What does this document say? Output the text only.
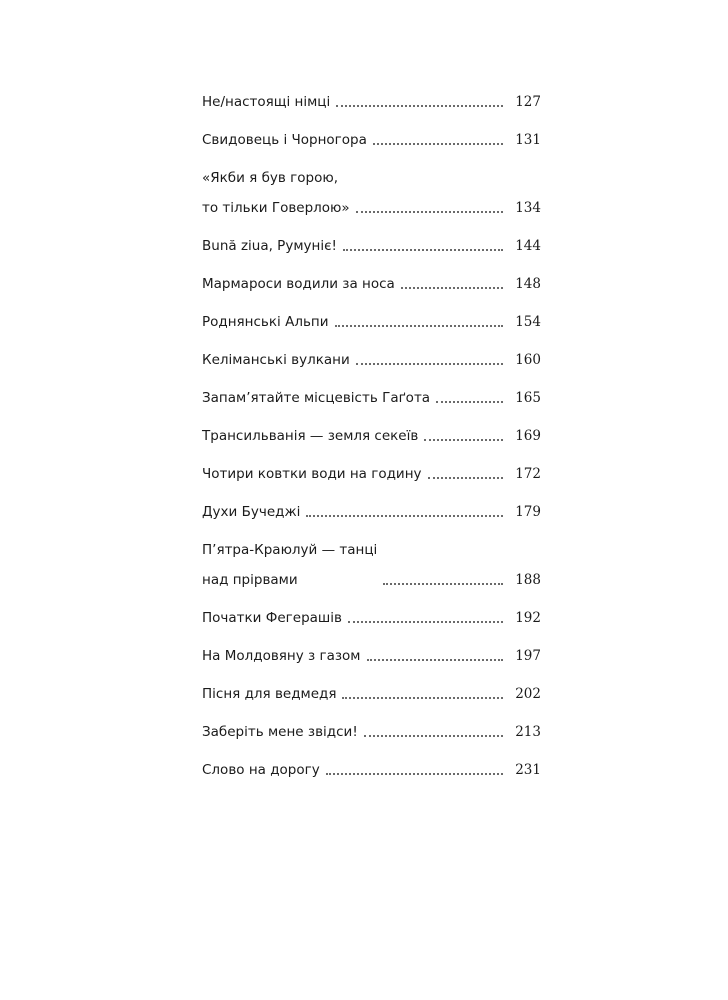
Не/настоящі німці	127
Свидовець і Чорногора	131
«Якби я був горою,
то тільки Говерлою»	134
Bună ziua, Румуніє!	144
Мармароси водили за носа	148
Роднянські Альпи	154
Келіманські вулкани	160
Запам’ятайте місцевість Гаґота	165
Трансильванія — земля секеїв	169
Чотири ковтки води на годину	172
Духи Бучеджі	179
П’ятра-Краюлуй — танці
над прірвами	188
Початки Фегерашів	192
На Молдовяну з газом	197
Пісня для ведмедя	202
Заберіть мене звідси!	213
Слово на дорогу	231
